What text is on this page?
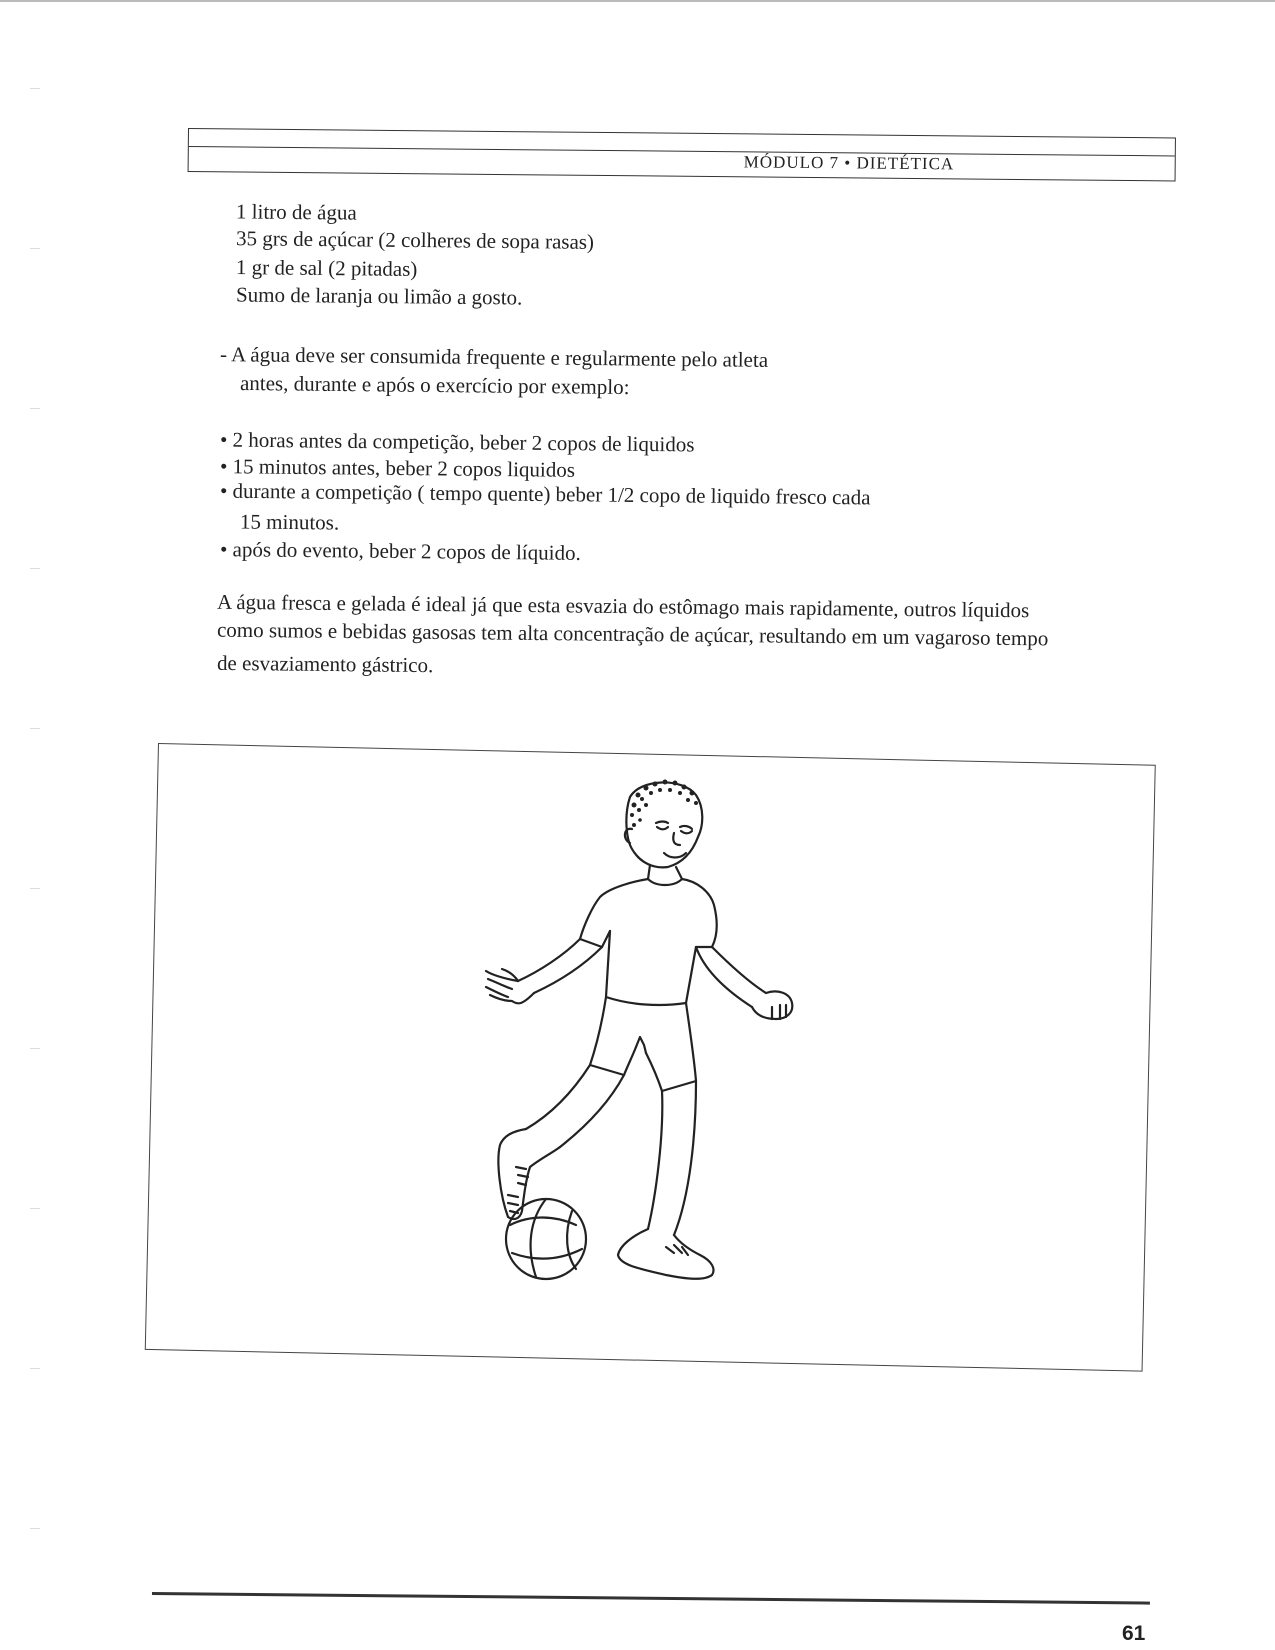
MÓDULO 7 • DIETÉTICA
1 litro de água
35 grs de açúcar (2 colheres de sopa rasas)
1 gr de sal (2 pitadas)
Sumo de laranja ou limão a gosto.
- A água deve ser consumida frequente e regularmente pelo atleta
antes, durante e após o exercício por exemplo:
• 2 horas antes da competição, beber 2 copos de liquidos
• 15 minutos antes, beber 2 copos liquidos
• durante a competição ( tempo quente) beber 1/2 copo de liquido fresco cada
15 minutos.
• após do evento, beber 2 copos de líquido.
A água fresca e gelada é ideal já que esta esvazia do estômago mais rapidamente, outros líquidos
como sumos e bebidas gasosas tem alta concentração de açúcar, resultando em um vagaroso tempo
de esvaziamento gástrico.
61
